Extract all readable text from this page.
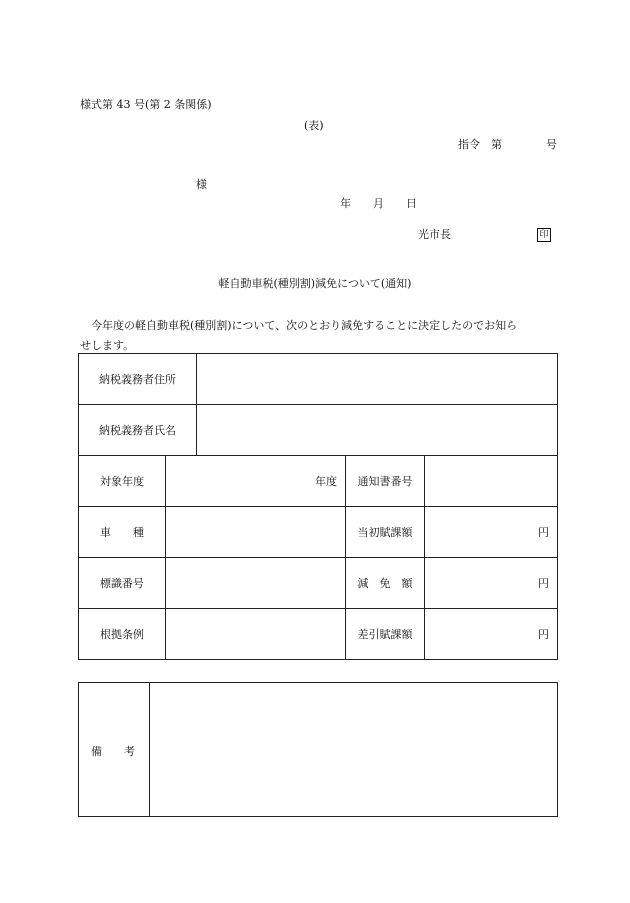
様式第 43 号(第 2 条関係)
(表)
指令　第　　　　号
様
年　　月　　日
光市長	印
軽自動車税(種別割)減免について(通知)
今年度の軽自動車税(種別割)について、次のとおり減免することに決定したのでお知ら
せします。
納税義務者住所				
納税義務者氏名				
対象年度	年度		通知書番号	
車　　種			当初賦課額	円
標識番号			減　免　額	円
根拠条例			差引賦課額	円
備　　考
